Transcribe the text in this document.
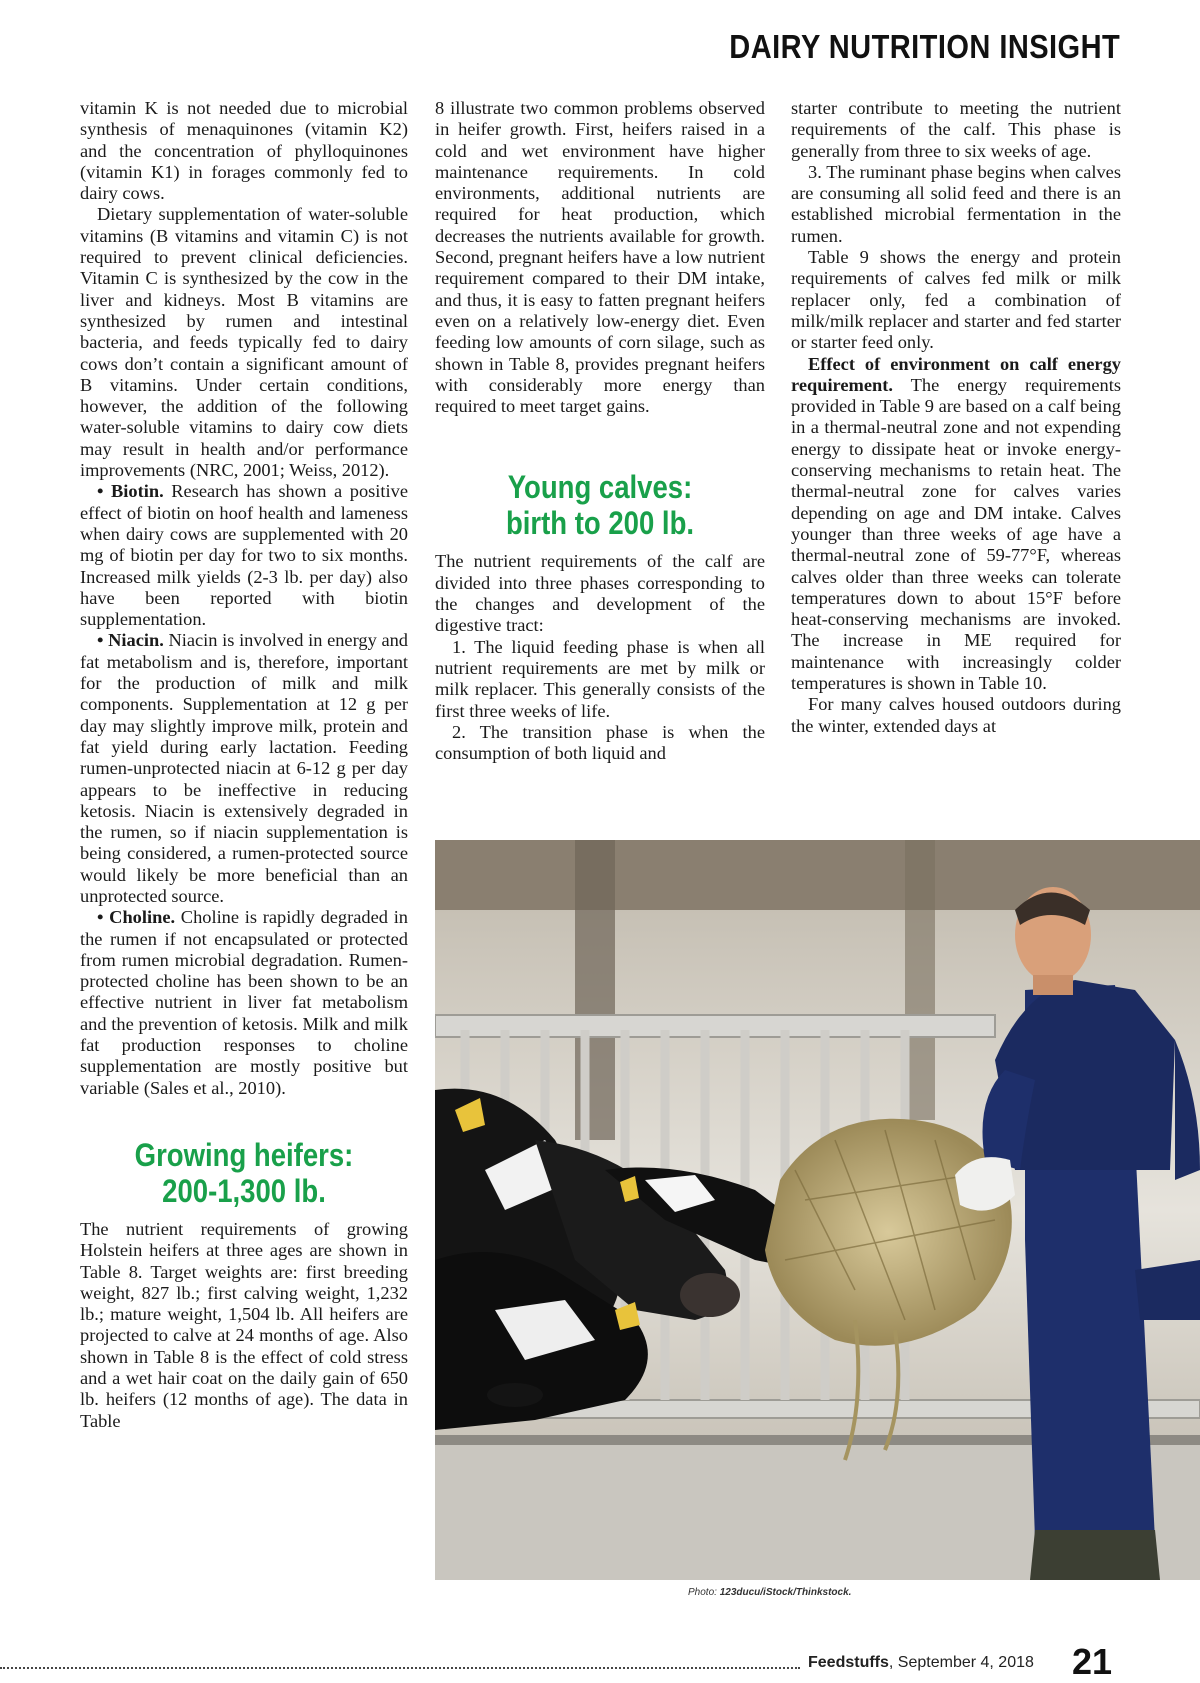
DAIRY NUTRITION INSIGHT

vitamin K is not needed due to microbial synthesis of menaquinones (vitamin K2) and the concentration of phylloquinones (vitamin K1) in forages commonly fed to dairy cows.

Dietary supplementation of water-soluble vitamins (B vitamins and vitamin C) is not required to prevent clinical deficiencies. Vitamin C is synthesized by the cow in the liver and kidneys. Most B vitamins are synthesized by rumen and intestinal bacteria, and feeds typically fed to dairy cows don’t contain a significant amount of B vitamins. Under certain conditions, however, the addition of the following water-soluble vitamins to dairy cow diets may result in health and/or performance improvements (NRC, 2001; Weiss, 2012).

• Biotin. Research has shown a positive effect of biotin on hoof health and lameness when dairy cows are supplemented with 20 mg of biotin per day for two to six months. Increased milk yields (2-3 lb. per day) also have been reported with biotin supplementation.

• Niacin. Niacin is involved in energy and fat metabolism and is, therefore, important for the production of milk and milk components. Supplementation at 12 g per day may slightly improve milk, protein and fat yield during early lactation. Feeding rumen-unprotected niacin at 6-12 g per day appears to be ineffective in reducing ketosis. Niacin is extensively degraded in the rumen, so if niacin supplementation is being considered, a rumen-protected source would likely be more beneficial than an unprotected source.

• Choline. Choline is rapidly degraded in the rumen if not encapsulated or protected from rumen microbial degradation. Rumen-protected choline has been shown to be an effective nutrient in liver fat metabolism and the prevention of ketosis. Milk and milk fat production responses to choline supplementation are mostly positive but variable (Sales et al., 2010).

Growing heifers:
200-1,300 lb.

The nutrient requirements of growing Holstein heifers at three ages are shown in Table 8. Target weights are: first breeding weight, 827 lb.; first calving weight, 1,232 lb.; mature weight, 1,504 lb. All heifers are projected to calve at 24 months of age. Also shown in Table 8 is the effect of cold stress and a wet hair coat on the daily gain of 650 lb. heifers (12 months of age). The data in Table

8 illustrate two common problems observed in heifer growth. First, heifers raised in a cold and wet environment have higher maintenance requirements. In cold environments, additional nutrients are required for heat production, which decreases the nutrients available for growth. Second, pregnant heifers have a low nutrient requirement compared to their DM intake, and thus, it is easy to fatten pregnant heifers even on a relatively low-energy diet. Even feeding low amounts of corn silage, such as shown in Table 8, provides pregnant heifers with considerably more energy than required to meet target gains.

Young calves:
birth to 200 lb.

The nutrient requirements of the calf are divided into three phases corresponding to the changes and development of the digestive tract:

1. The liquid feeding phase is when all nutrient requirements are met by milk or milk replacer. This generally consists of the first three weeks of life.

2. The transition phase is when the consumption of both liquid and

starter contribute to meeting the nutrient requirements of the calf. This phase is generally from three to six weeks of age.

3. The ruminant phase begins when calves are consuming all solid feed and there is an established microbial fermentation in the rumen.

Table 9 shows the energy and protein requirements of calves fed milk or milk replacer only, fed a combination of milk/milk replacer and starter and fed starter or starter feed only.

Effect of environment on calf energy requirement. The energy requirements provided in Table 9 are based on a calf being in a thermal-neutral zone and not expending energy to dissipate heat or invoke energy-conserving mechanisms to retain heat. The thermal-neutral zone for calves varies depending on age and DM intake. Calves younger than three weeks of age have a thermal-neutral zone of 59-77°F, whereas calves older than three weeks can tolerate temperatures down to about 15°F before heat-conserving mechanisms are invoked. The increase in ME required for maintenance with increasingly colder temperatures is shown in Table 10.

For many calves housed outdoors during the winter, extended days at

Photo: 123ducu/iStock/Thinkstock.
Feedstuffs, September 4, 2018 21
